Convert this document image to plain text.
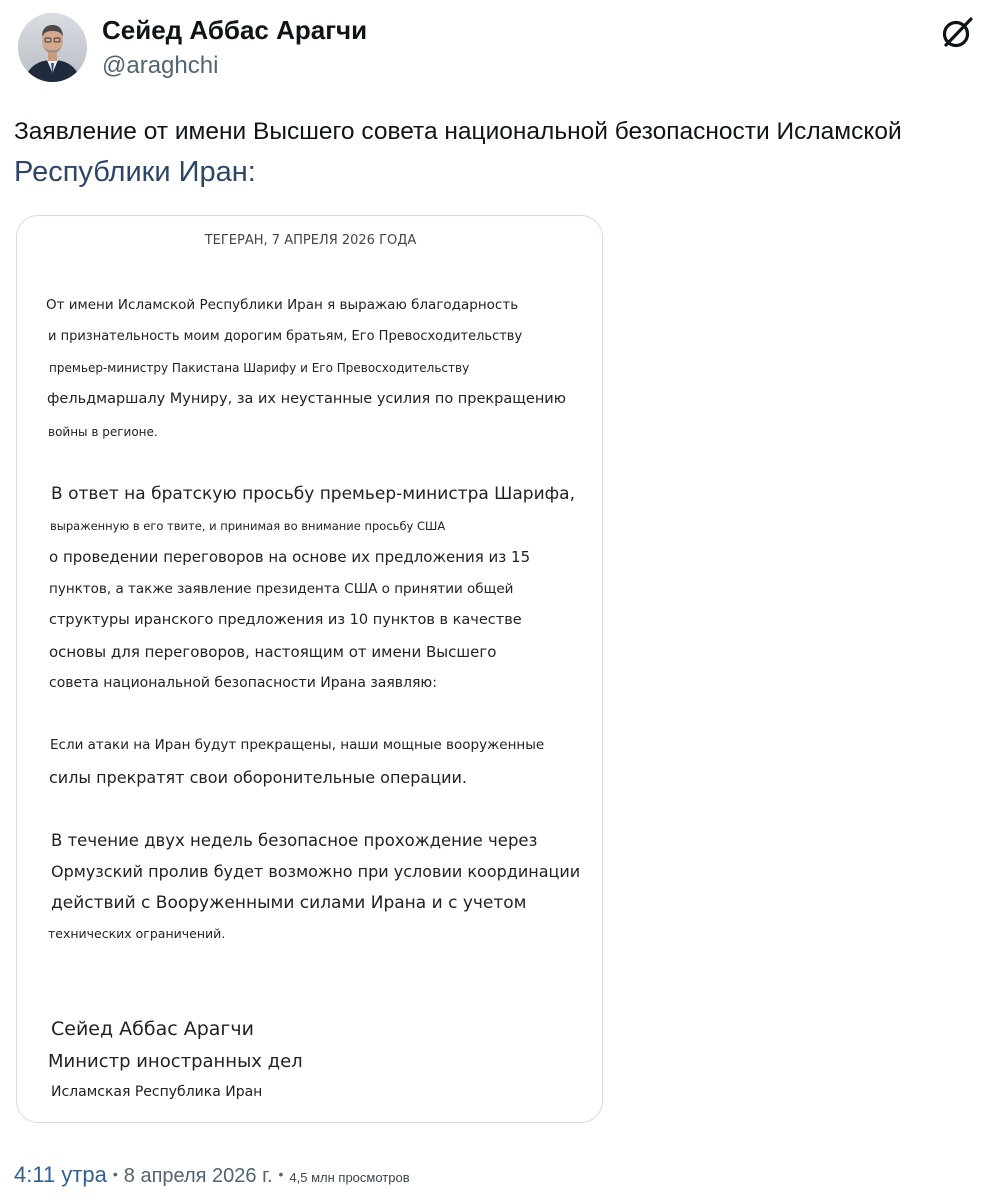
Сейед Аббас Арагчи
@araghchi
Заявление от имени Высшего совета национальной безопасности Исламской
Республики Иран:
ТЕГЕРАН, 7 АПРЕЛЯ 2026 ГОДА
От имени Исламской Республики Иран я выражаю благодарность
и признательность моим дорогим братьям, Его Превосходительству
премьер-министру Пакистана Шарифу и Его Превосходительству
фельдмаршалу Муниру, за их неустанные усилия по прекращению
войны в регионе.
В ответ на братскую просьбу премьер-министра Шарифа,
выраженную в его твите, и принимая во внимание просьбу США
о проведении переговоров на основе их предложения из 15
пунктов, а также заявление президента США о принятии общей
структуры иранского предложения из 10 пунктов в качестве
основы для переговоров, настоящим от имени Высшего
совета национальной безопасности Ирана заявляю:
Если атаки на Иран будут прекращены, наши мощные вооруженные
силы прекратят свои оборонительные операции.
В течение двух недель безопасное прохождение через
Ормузский пролив будет возможно при условии координации
действий с Вооруженными силами Ирана и с учетом
технических ограничений.
Сейед Аббас Арагчи
Министр иностранных дел
Исламская Республика Иран
4:11 утра • 8 апреля 2026 г. • 4,5 млн просмотров
